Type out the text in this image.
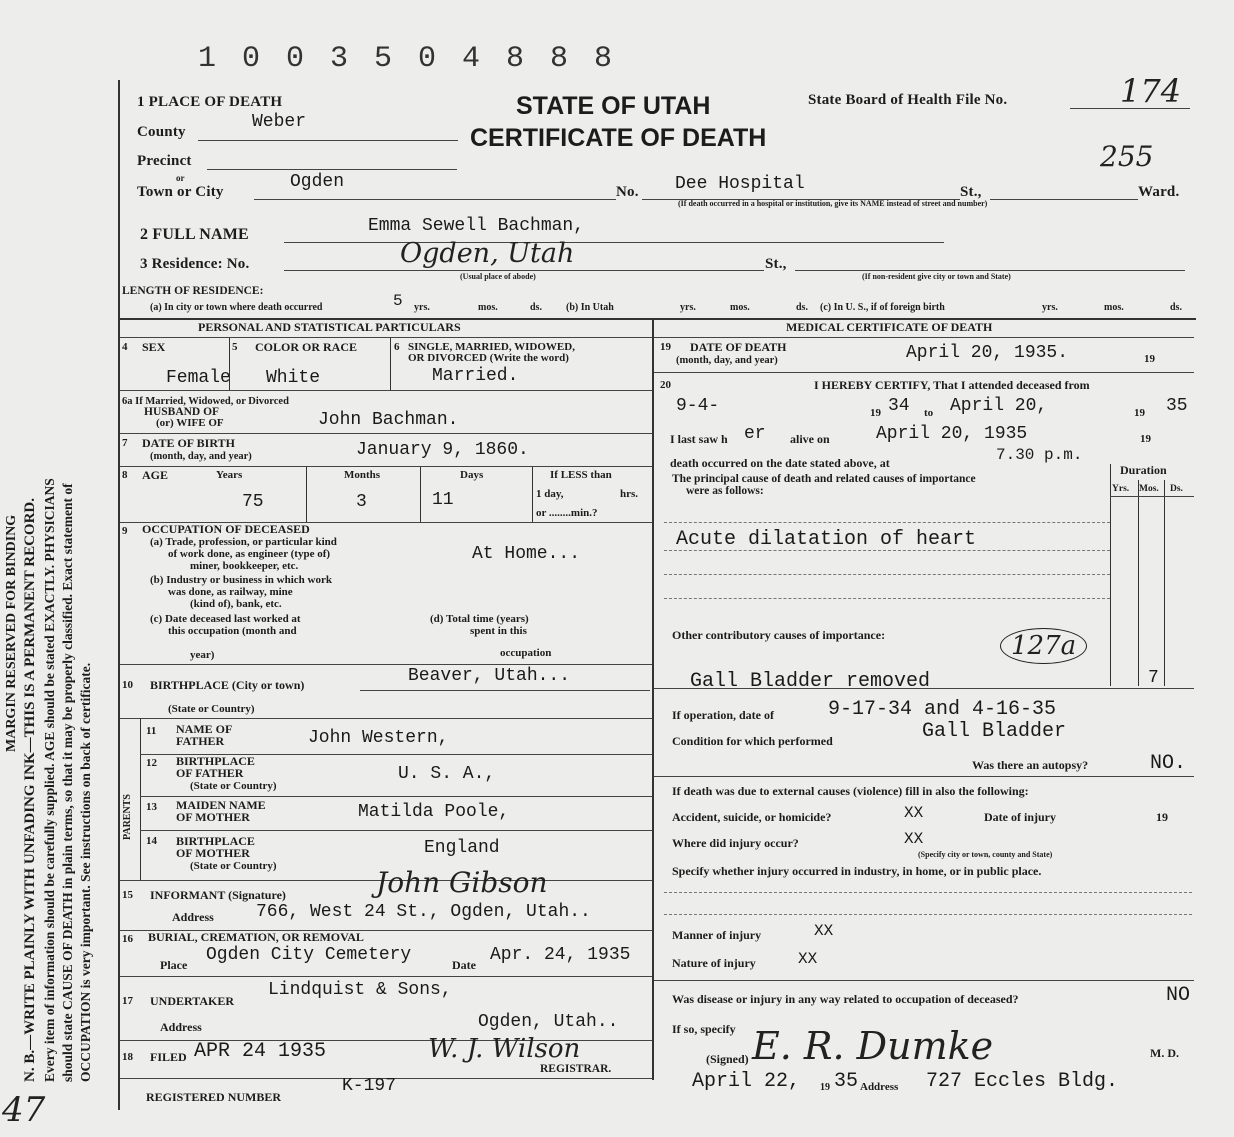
MARGIN RESERVED FOR BINDING N. B.—WRITE PLAINLY WITH UNFADING INK—THIS IS A PERMANENT RECORD. Every item of information should be carefully supplied. AGE should be stated EXACTLY. PHYSICIANS should state CAUSE OF DEATH in plain terms, so that it may be properly classified. Exact statement of OCCUPATION is very important. See instructions on back of certificate.
47
1 0 0 3 5 0 4 8 8 8
STATE OF UTAH
CERTIFICATE OF DEATH
State Board of Health File No.	174
255
1 PLACE OF DEATH
County	Weber
Precinct
or
Town or City	Ogden	No. Dee Hospital	St.,	Ward.
(If death occurred in a hospital or institution, give its NAME instead of street and number)
2 FULL NAME	Emma Sewell Bachman,
3 Residence: No.	Ogden, Utah
(Usual place of abode)
St.,
(If non-resident give city or town and State)
LENGTH OF RESIDENCE:
(a) In city or town where death occurred	5 yrs.	mos.	ds. (b) In Utah	yrs.	mos.	ds. (c) In U. S., if of foreign birth	yrs.	mos.	ds.
PERSONAL AND STATISTICAL PARTICULARS
4 SEX
Female
5 COLOR OR RACE
White
6 SINGLE, MARRIED, WIDOWED,
OR DIVORCED (Write the word)
Married.
6a If Married, Widowed, or Divorced
HUSBAND OF
(or) WIFE OF	John Bachman.
7 DATE OF BIRTH
(month, day, and year)	January 9, 1860.
8 AGE	Years
75
Months
3
Days
11
If LESS than
1 day,	hrs.
or ........min.?
9 OCCUPATION OF DECEASED
(a) Trade, profession, or particular kind
of work done, as engineer (type of)
miner, bookkeeper, etc.
At Home...
(b) Industry or business in which work
was done, as railway, mine
(kind of), bank, etc.
(c) Date deceased last worked at
this occupation (month and
year)
(d) Total time (years)
spent in this
occupation
10 BIRTHPLACE (City or town)	Beaver, Utah...
(State or Country)
PARENTS
11 NAME OF
FATHER	John Western,
12 BIRTHPLACE
OF FATHER
(State or Country)
U. S. A.,
13 MAIDEN NAME
OF MOTHER	Matilda Poole,
14 BIRTHPLACE
OF MOTHER
(State or Country)
England
15 INFORMANT (Signature)	John Gibson
Address 766, West 24 St., Ogden, Utah..
16 BURIAL, CREMATION, OR REMOVAL
Place Ogden City Cemetery	Date Apr. 24, 1935
17 UNDERTAKER
Lindquist & Sons,
Address	Ogden, Utah..
18 FILED APR 24 1935	W. J. Wilson
REGISTRAR.
REGISTERED NUMBER
K-197
MEDICAL CERTIFICATE OF DEATH
19 DATE OF DEATH
(month, day, and year)	April 20, 1935.	19
20	I HEREBY CERTIFY, That I attended deceased from
9-4-	19 34 to April 20,	19 35
I last saw h er alive on	April 20, 1935	19
death occurred on the date stated above, at	7.30 p.m.
The principal cause of death and related causes of importance
were as follows:
Duration
Yrs. Mos. Ds.
Acute dilatation of heart
Other contributory causes of importance:	127a
Gall Bladder removed	7
If operation, date of	9-17-34 and 4-16-35
Condition for which performed	Gall Bladder
Was there an autopsy?	NO.
If death was due to external causes (violence) fill in also the following:
Accident, suicide, or homicide?	XX	Date of injury	19
Where did injury occur?	XX
(Specify city or town, county and State)
Specify whether injury occurred in industry, in home, or in public place.
Manner of injury	XX
Nature of injury	XX
Was disease or injury in any way related to occupation of deceased?	NO
If so, specify
(Signed) E. R. Dumke	M. D.
April 22, 19 35 Address 727 Eccles Bldg.
